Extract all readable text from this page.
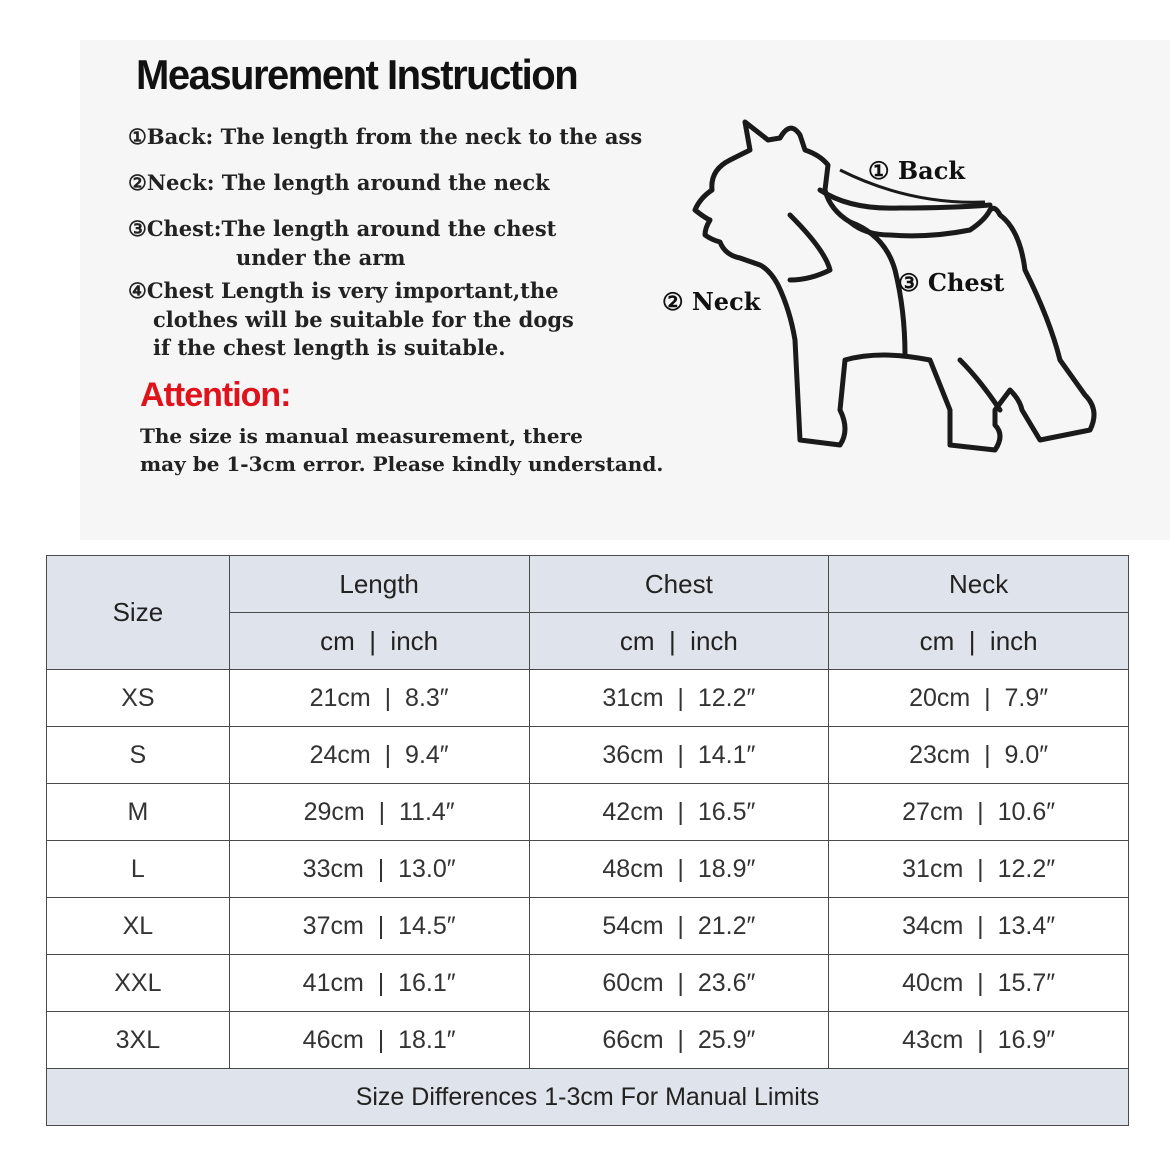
Measurement Instruction
①Back: The length from the neck to the ass
②Neck: The length around the neck
③Chest:The length around the chest
under the arm
④Chest Length is very important,the
clothes will be suitable for the dogs
if the chest length is suitable.
Attention:
The size is manual measurement, there
may be 1-3cm error. Please kindly understand.
① Back
② Neck
③ Chest
Size	Length	Chest	Neck
	cm  |  inch	cm  |  inch	cm  |  inch
XS	21cm  |  8.3″	31cm  |  12.2″	20cm  |  7.9″
S	24cm  |  9.4″	36cm  |  14.1″	23cm  |  9.0″
M	29cm  |  11.4″	42cm  |  16.5″	27cm  |  10.6″
L	33cm  |  13.0″	48cm  |  18.9″	31cm  |  12.2″
XL	37cm  |  14.5″	54cm  |  21.2″	34cm  |  13.4″
XXL	41cm  |  16.1″	60cm  |  23.6″	40cm  |  15.7″
3XL	46cm  |  18.1″	66cm  |  25.9″	43cm  |  16.9″
Size Differences 1-3cm For Manual Limits			
